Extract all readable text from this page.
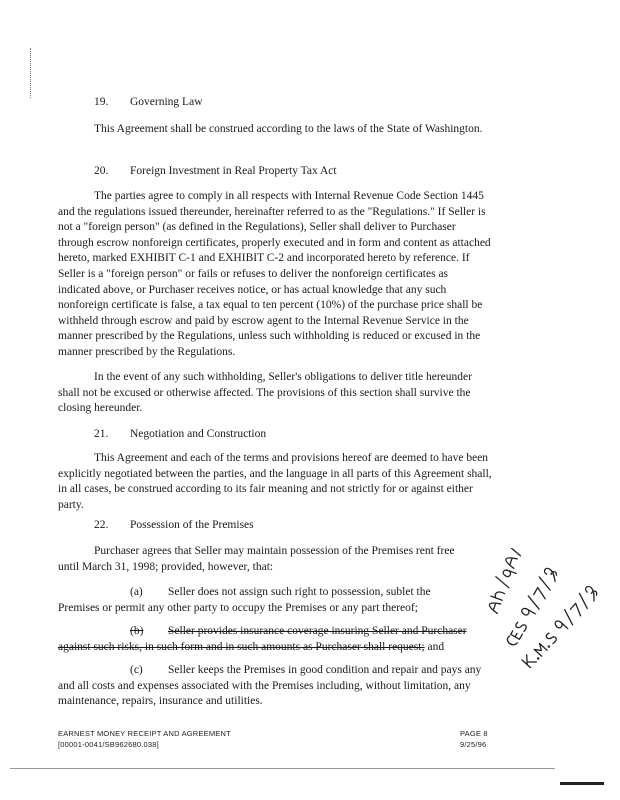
19. Governing Law

This Agreement shall be construed according to the laws of the State of Washington.

20. Foreign Investment in Real Property Tax Act

The parties agree to comply in all respects with Internal Revenue Code Section 1445 and the regulations issued thereunder, hereinafter referred to as the "Regulations." If Seller is not a "foreign person" (as defined in the Regulations), Seller shall deliver to Purchaser through escrow nonforeign certificates, properly executed and in form and content as attached hereto, marked EXHIBIT C-1 and EXHIBIT C-2 and incorporated hereto by reference. If Seller is a "foreign person" or fails or refuses to deliver the nonforeign certificates as indicated above, or Purchaser receives notice, or has actual knowledge that any such nonforeign certificate is false, a tax equal to ten percent (10%) of the purchase price shall be withheld through escrow and paid by escrow agent to the Internal Revenue Service in the manner prescribed by the Regulations, unless such withholding is reduced or excused in the manner prescribed by the Regulations.

In the event of any such withholding, Seller's obligations to deliver title hereunder shall not be excused or otherwise affected. The provisions of this section shall survive the closing hereunder.

21. Negotiation and Construction

This Agreement and each of the terms and provisions hereof are deemed to have been explicitly negotiated between the parties, and the language in all parts of this Agreement shall, in all cases, be construed according to its fair meaning and not strictly for or against either party.

22. Possession of the Premises

Purchaser agrees that Seller may maintain possession of the Premises rent free until March 31, 1998; provided, however, that:

(a) Seller does not assign such right to possession, sublet the Premises or permit any other party to occupy the Premises or any part thereof;

(b) Seller provides insurance coverage insuring Seller and Purchaser against such risks, in such form and in such amounts as Purchaser shall request; and

(c) Seller keeps the Premises in good condition and repair and pays any and all costs and expenses associated with the Premises including, without limitation, any maintenance, repairs, insurance and utilities.

EARNEST MONEY RECEIPT AND AGREEMENT
[00001-0041/SB962680.038]
PAGE 8
9/25/96
